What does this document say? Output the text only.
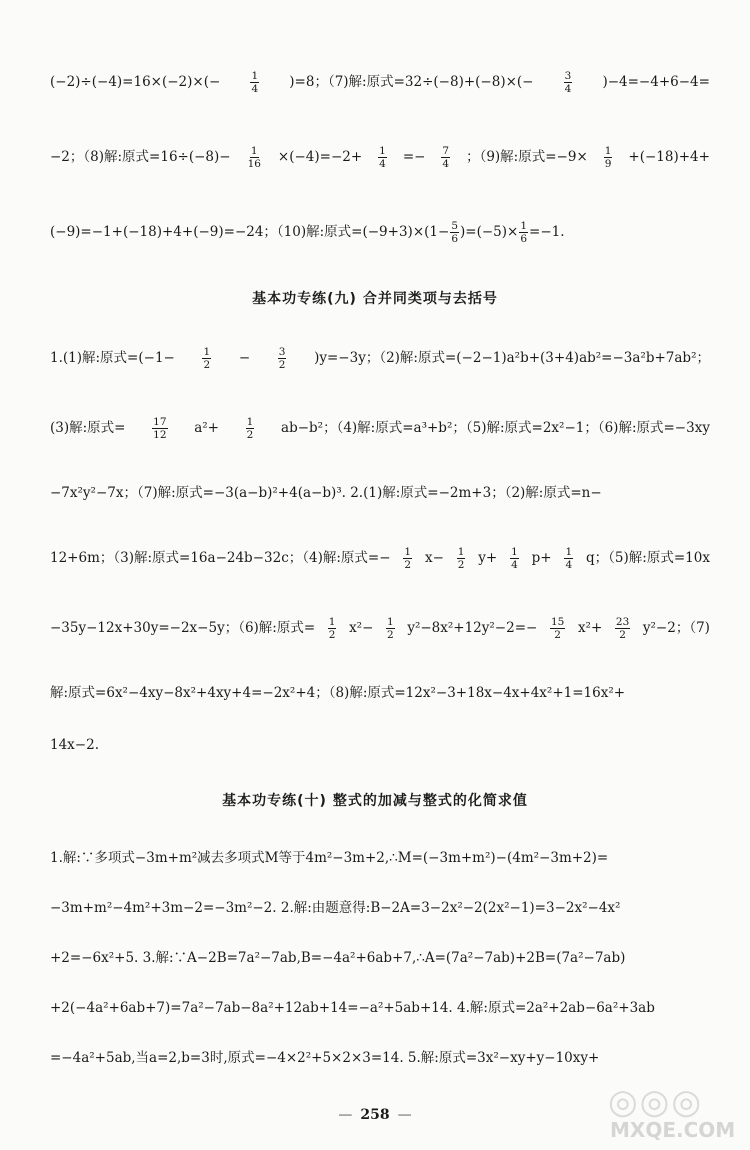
(−2)÷(−4)=16×(−2)×(−	$\frac{1}{4} )=8$；（7)解:原式=32÷(−8)+(−8)×(−	$\frac{3}{4} )-4=-4+6-4=$
−2；（8)解:原式$=16\div(-8)- \frac{1}{16} \times(-4)=-2+ \frac{1}{4} =- \frac{7}{4}$ ；（9)解:原式$=-9\times \frac{1}{9} +(-18)+4+$
(−9)=−1+(−18)+4+(−9)=−24；（10)解:原式$=(-9+3)\times(1- \frac{5}{6} )=(-5)\times \frac{1}{6} =-1$.
基本功专练(九) 合并同类项与去括号
1.(1)解:原式=(−1−	$\frac{1}{2}$ −	$\frac{3}{2} )y=-3y$；（2)解:原式=(−2−1)a²b+(3+4)ab²=−3a²b+7ab²；
(3)解:原式=	$\frac{17}{12} a^2+$	$\frac{1}{2} ab-b^2$；（4)解:原式=a³+b²；（5)解:原式=2x²−1；（6)解:原式=−3xy
−7x²y²−7x；（7)解:原式=−3(a−b)²+4(a−b)³. 2.(1)解:原式=−2m+3；（2)解:原式=n−
12+6m；（3)解:原式=16a−24b−32c；（4)解:原式=− $\frac{1}{2} x- \frac{1}{2} y+ \frac{1}{4} p+ \frac{1}{4}$ q；（5)解:原式=10x
−35y−12x+30y=−2x−5y；（6)解:原式= $\frac{1}{2} x^2- \frac{1}{2} y^2-8x^2+12y^2-2=- \frac{15}{2} x^2+ \frac{23}{2} y^2-2$；（7)
解:原式=6x²−4xy−8x²+4xy+4=−2x²+4；（8)解:原式=12x²−3+18x−4x+4x²+1=16x²+
14x−2.
基本功专练(十) 整式的加减与整式的化简求值
1.解:∵多项式−3m+m²减去多项式M等于4m²−3m+2,∴M=(−3m+m²)−(4m²−3m+2)=
−3m+m²−4m²+3m−2=−3m²−2. 2.解:由题意得:B−2A=3−2x²−2(2x²−1)=3−2x²−4x²
+2=−6x²+5. 3.解:∵A−2B=7a²−7ab,B=−4a²+6ab+7,∴A=(7a²−7ab)+2B=(7a²−7ab)
+2(−4a²+6ab+7)=7a²−7ab−8a²+12ab+14=−a²+5ab+14. 4.解:原式=2a²+2ab−6a²+3ab
=−4a²+5ab,当a=2,b=3时,原式=−4×2²+5×2×3=14. 5.解:原式=3x²−xy+y−10xy+
— 258 —	◎◎◎
MXQE.COM
